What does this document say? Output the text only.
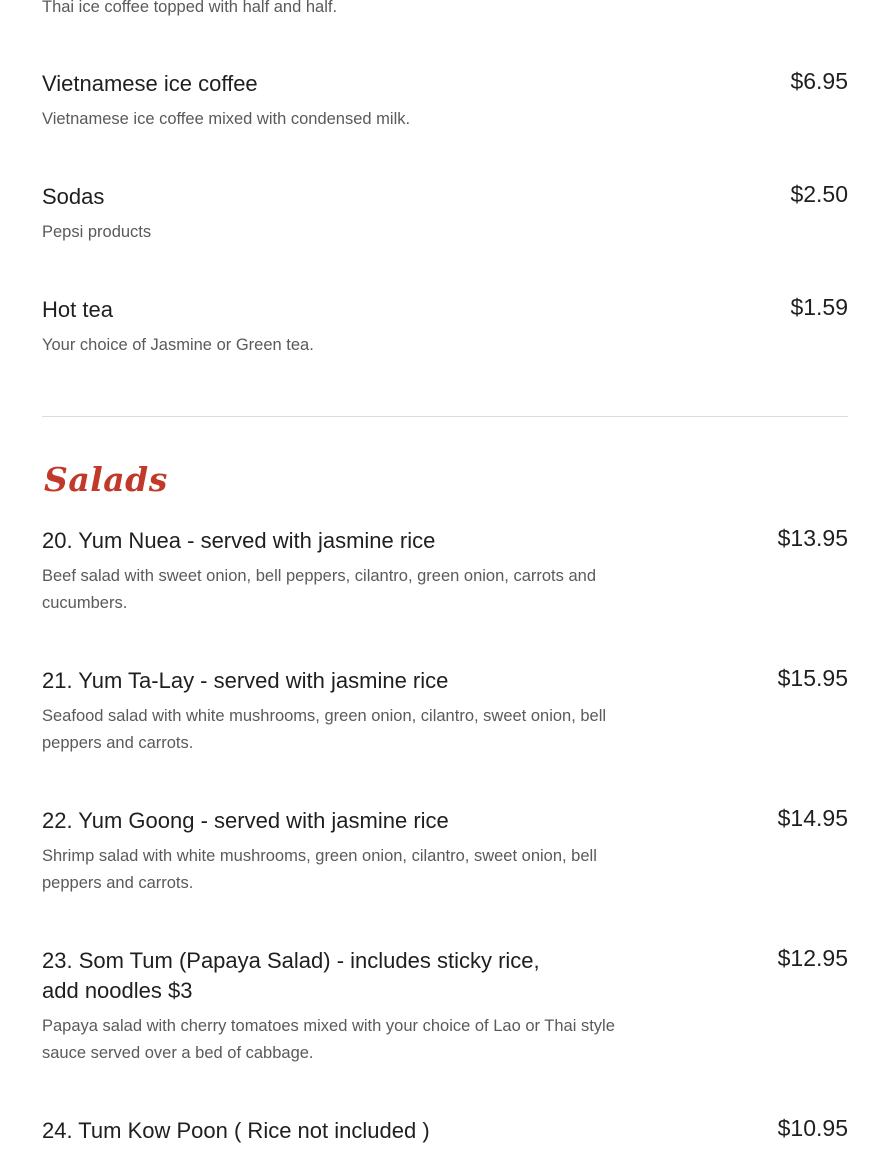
Thai ice coffee topped with half and half.
Vietnamese ice coffee	$6.95
Vietnamese ice coffee mixed with condensed milk.
Sodas	$2.50
Pepsi products
Hot tea	$1.59
Your choice of Jasmine or Green tea.
Salads
20. Yum Nuea - served with jasmine rice	$13.95
Beef salad with sweet onion, bell peppers, cilantro, green onion, carrots and cucumbers.
21. Yum Ta-Lay - served with jasmine rice	$15.95
Seafood salad with white mushrooms, green onion, cilantro, sweet onion, bell peppers and carrots.
22. Yum Goong - served with jasmine rice	$14.95
Shrimp salad with white mushrooms, green onion, cilantro, sweet onion, bell peppers and carrots.
23. Som Tum (Papaya Salad) - includes sticky rice, add noodles $3
$12.95
Papaya salad with cherry tomatoes mixed with your choice of Lao or Thai style sauce served over a bed of cabbage.
24. Tum Kow Poon ( Rice not included )	$10.95
